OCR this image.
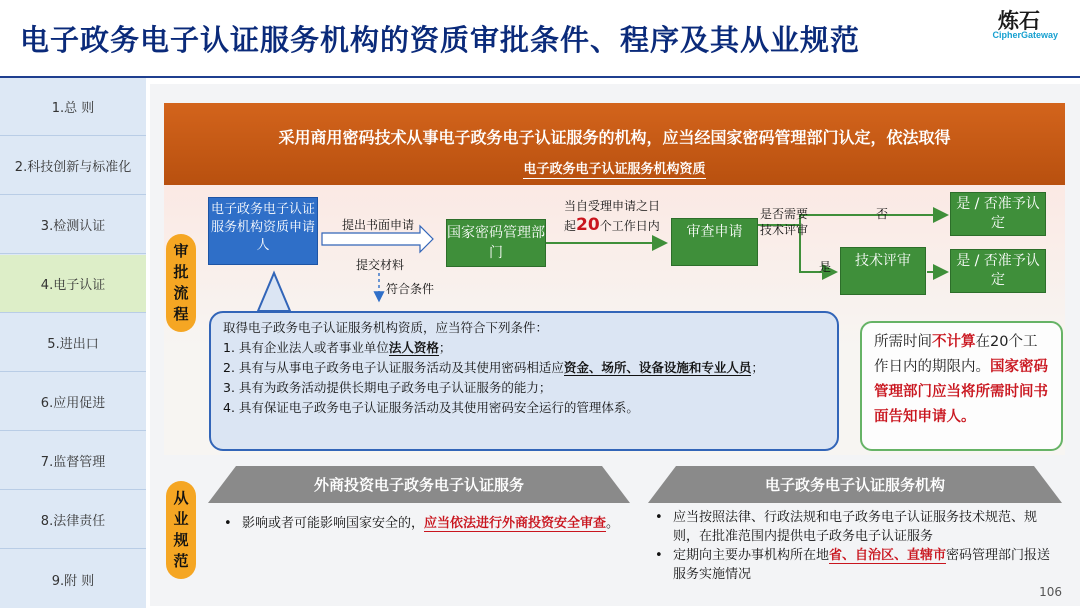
电子政务电子认证服务机构的资质审批条件、程序及其从业规范
炼石
CipherGateway
1.总 则
2.科技创新与标准化
3.检测认证
4.电子认证
5.进出口
6.应用促进
7.监督管理
8.法律责任
9.附 则
采用商用密码技术从事电子政务电子认证服务的机构，应当经国家密码管理部门认定，依法取得
电子政务电子认证服务机构资质
审
批
流
程
电子政务电子认证服务机构资质申请人
提出书面申请
提交材料
符合条件
国家密码管理部门
当自受理申请之日
起20个工作日内	审查申请
是否需要
技术评审
否
是	技术评审
是 / 否准予认定
是 / 否准予认定
取得电子政务电子认证服务机构资质，应当符合下列条件：
1. 具有企业法人或者事业单位法人资格；
2. 具有与从事电子政务电子认证服务活动及其使用密码相适应资金、场所、设备设施和专业人员；
3. 具有为政务活动提供长期电子政务电子认证服务的能力；
4. 具有保证电子政务电子认证服务活动及其使用密码安全运行的管理体系。
所需时间不计算在20个工作日内的期限内。国家密码管理部门应当将所需时间书面告知申请人。
从
业
规
范
外商投资电子政务电子认证服务	电子政务电子认证服务机构
• 影响或者可能影响国家安全的，应当依法进行外商投资安全审查。	• 应当按照法律、行政法规和电子政务电子认证服务技术规范、规则，在批准范围内提供电子政务电子认证服务
• 定期向主要办事机构所在地省、自治区、直辖市密码管理部门报送服务实施情况
106
